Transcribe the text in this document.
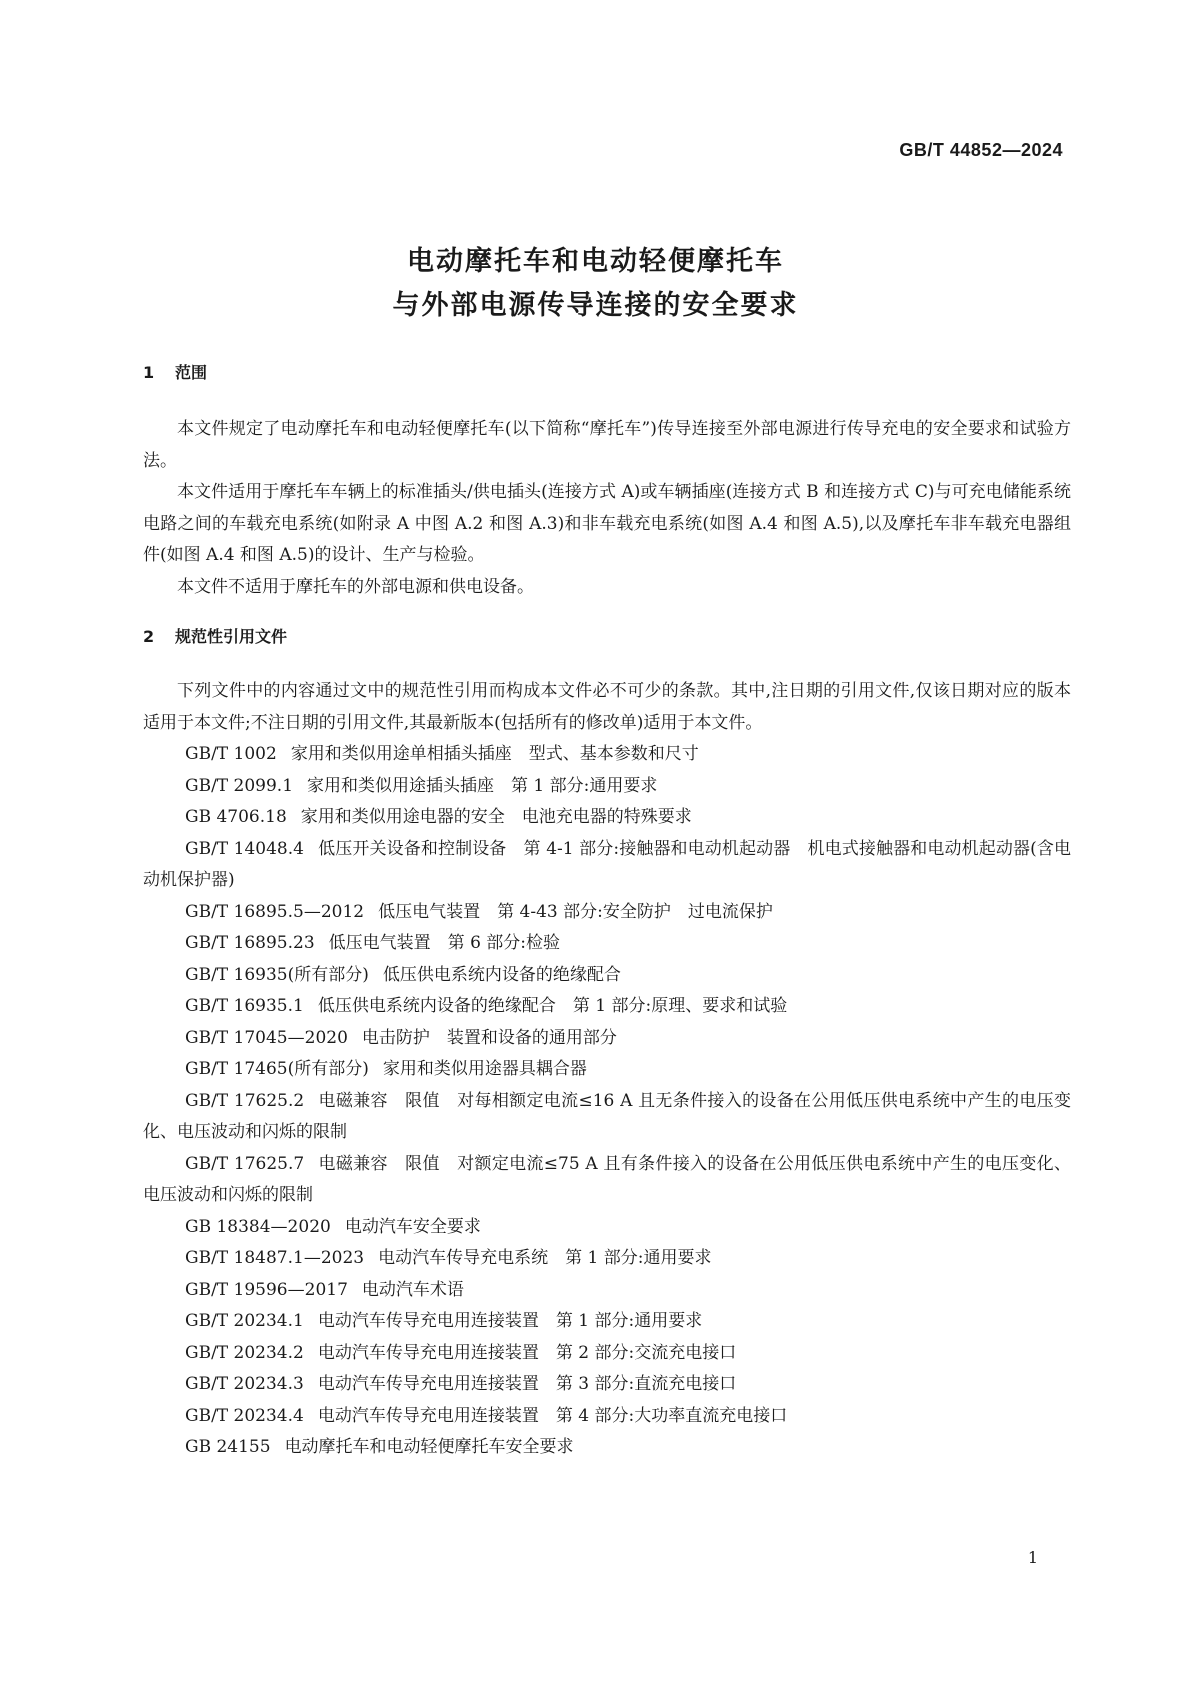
GB/T 44852—2024
电动摩托车和电动轻便摩托车
与外部电源传导连接的安全要求
1 范围

本文件规定了电动摩托车和电动轻便摩托车(以下简称“摩托车”)传导连接至外部电源进行传导充电的安全要求和试验方法。

本文件适用于摩托车车辆上的标准插头/供电插头(连接方式 A)或车辆插座(连接方式 B 和连接方式 C)与可充电储能系统电路之间的车载充电系统(如附录 A 中图 A.2 和图 A.3)和非车载充电系统(如图 A.4 和图 A.5),以及摩托车非车载充电器组件(如图 A.4 和图 A.5)的设计、生产与检验。

本文件不适用于摩托车的外部电源和供电设备。

2 规范性引用文件

下列文件中的内容通过文中的规范性引用而构成本文件必不可少的条款。其中,注日期的引用文件,仅该日期对应的版本适用于本文件;不注日期的引用文件,其最新版本(包括所有的修改单)适用于本文件。

GB/T 1002 家用和类似用途单相插头插座　型式、基本参数和尺寸

GB/T 2099.1 家用和类似用途插头插座　第 1 部分:通用要求

GB 4706.18 家用和类似用途电器的安全　电池充电器的特殊要求

GB/T 14048.4 低压开关设备和控制设备　第 4-1 部分:接触器和电动机起动器　机电式接触器和电动机起动器(含电动机保护器)

GB/T 16895.5—2012 低压电气装置　第 4-43 部分:安全防护　过电流保护

GB/T 16895.23 低压电气装置　第 6 部分:检验

GB/T 16935(所有部分) 低压供电系统内设备的绝缘配合

GB/T 16935.1 低压供电系统内设备的绝缘配合　第 1 部分:原理、要求和试验

GB/T 17045—2020 电击防护　装置和设备的通用部分

GB/T 17465(所有部分) 家用和类似用途器具耦合器

GB/T 17625.2 电磁兼容　限值　对每相额定电流≤16 A 且无条件接入的设备在公用低压供电系统中产生的电压变化、电压波动和闪烁的限制

GB/T 17625.7 电磁兼容　限值　对额定电流≤75 A 且有条件接入的设备在公用低压供电系统中产生的电压变化、电压波动和闪烁的限制

GB 18384—2020 电动汽车安全要求

GB/T 18487.1—2023 电动汽车传导充电系统　第 1 部分:通用要求

GB/T 19596—2017 电动汽车术语

GB/T 20234.1 电动汽车传导充电用连接装置　第 1 部分:通用要求

GB/T 20234.2 电动汽车传导充电用连接装置　第 2 部分:交流充电接口

GB/T 20234.3 电动汽车传导充电用连接装置　第 3 部分:直流充电接口

GB/T 20234.4 电动汽车传导充电用连接装置　第 4 部分:大功率直流充电接口

GB 24155 电动摩托车和电动轻便摩托车安全要求

1
